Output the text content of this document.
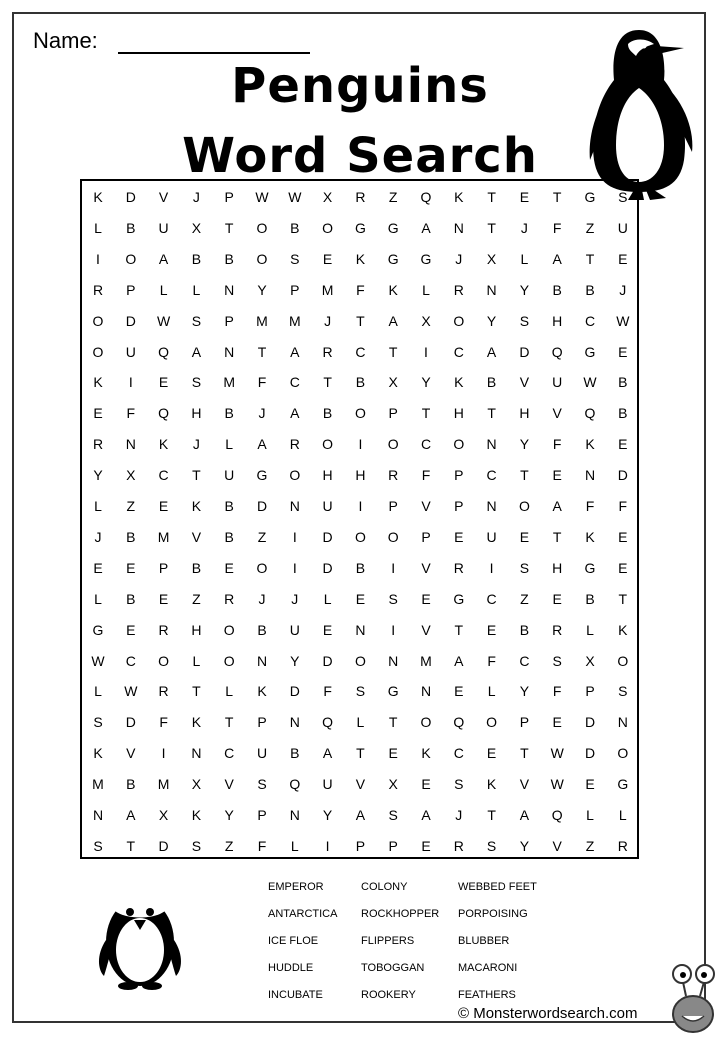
Name:
Penguins
Word Search
K	D	V	J	P	W	W	X	R	Z	Q	K	T	E	T	G	S
L	B	U	X	T	O	B	O	G	G	A	N	T	J	F	Z	U
I	O	A	B	B	O	S	E	K	G	G	J	X	L	A	T	E
R	P	L	L	N	Y	P	M	F	K	L	R	N	Y	B	B	J
O	D	W	S	P	M	M	J	T	A	X	O	Y	S	H	C	W
O	U	Q	A	N	T	A	R	C	T	I	C	A	D	Q	G	E
K	I	E	S	M	F	C	T	B	X	Y	K	B	V	U	W	B
E	F	Q	H	B	J	A	B	O	P	T	H	T	H	V	Q	B
R	N	K	J	L	A	R	O	I	O	C	O	N	Y	F	K	E
Y	X	C	T	U	G	O	H	H	R	F	P	C	T	E	N	D
L	Z	E	K	B	D	N	U	I	P	V	P	N	O	A	F	F
J	B	M	V	B	Z	I	D	O	O	P	E	U	E	T	K	E
E	E	P	B	E	O	I	D	B	I	V	R	I	S	H	G	E
L	B	E	Z	R	J	J	L	E	S	E	G	C	Z	E	B	T
G	E	R	H	O	B	U	E	N	I	V	T	E	B	R	L	K
W	C	O	L	O	N	Y	D	O	N	M	A	F	C	S	X	O
L	W	R	T	L	K	D	F	S	G	N	E	L	Y	F	P	S
S	D	F	K	T	P	N	Q	L	T	O	Q	O	P	E	D	N
K	V	I	N	C	U	B	A	T	E	K	C	E	T	W	D	O
M	B	M	X	V	S	Q	U	V	X	E	S	K	V	W	E	G
N	A	X	K	Y	P	N	Y	A	S	A	J	T	A	Q	L	L
S	T	D	S	Z	F	L	I	P	P	E	R	S	Y	V	Z	R
EMPEROR	COLONY	WEBBED FEET
ANTARCTICA ROCKHOPPER PORPOISING
ICE FLOE	FLIPPERS	BLUBBER
HUDDLE	TOBOGGAN	MACARONI
INCUBATE	ROOKERY	FEATHERS
© Monsterwordsearch.com
